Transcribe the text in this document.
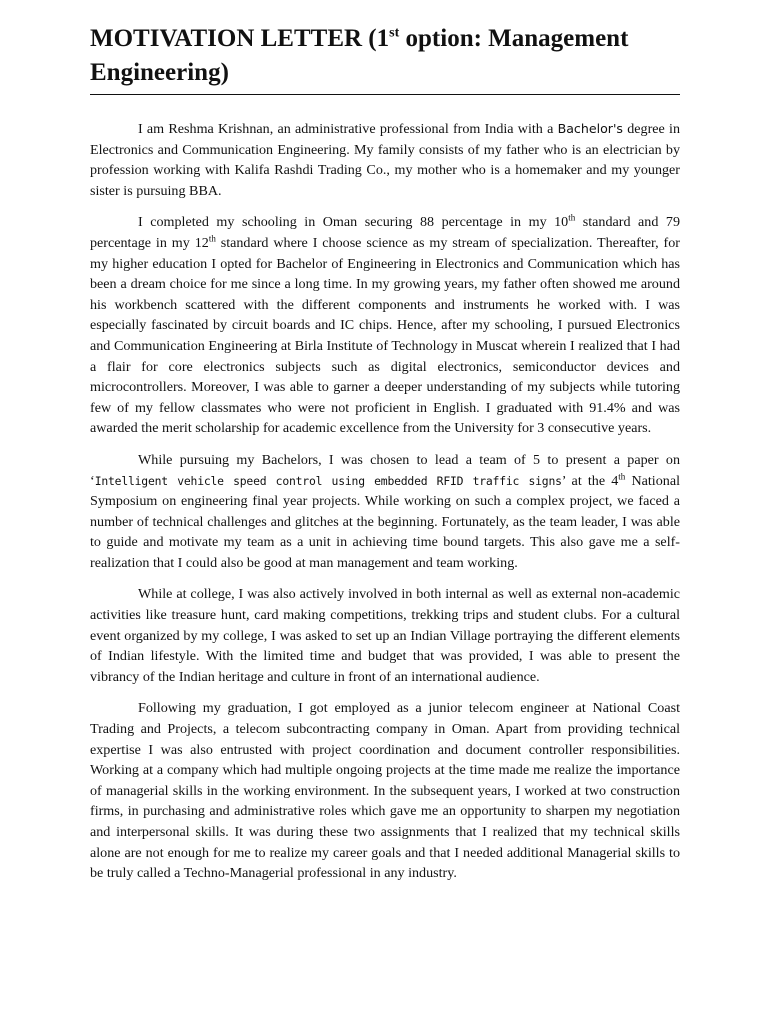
MOTIVATION LETTER (1st option: Management
Engineering)

I am Reshma Krishnan, an administrative professional from India with a Bachelor's degree in Electronics and Communication Engineering. My family consists of my father who is an electrician by profession working with Kalifa Rashdi Trading Co., my mother who is a homemaker and my younger sister is pursuing BBA.

I completed my schooling in Oman securing 88 percentage in my 10th standard and 79 percentage in my 12th standard where I choose science as my stream of specialization. Thereafter, for my higher education I opted for Bachelor of Engineering in Electronics and Communication which has been a dream choice for me since a long time. In my growing years, my father often showed me around his workbench scattered with the different components and instruments he worked with. I was especially fascinated by circuit boards and IC chips. Hence, after my schooling, I pursued Electronics and Communication Engineering at Birla Institute of Technology in Muscat wherein I realized that I had a flair for core electronics subjects such as digital electronics, semiconductor devices and microcontrollers. Moreover, I was able to garner a deeper understanding of my subjects while tutoring few of my fellow classmates who were not proficient in English. I graduated with 91.4% and was awarded the merit scholarship for academic excellence from the University for 3 consecutive years.

While pursuing my Bachelors, I was chosen to lead a team of 5 to present a paper on ‘Intelligent vehicle speed control using embedded RFID traffic signs’ at the 4th National Symposium on engineering final year projects. While working on such a complex project, we faced a number of technical challenges and glitches at the beginning. Fortunately, as the team leader, I was able to guide and motivate my team as a unit in achieving time bound targets. This also gave me a self-realization that I could also be good at man management and team working.

While at college, I was also actively involved in both internal as well as external non-academic activities like treasure hunt, card making competitions, trekking trips and student clubs. For a cultural event organized by my college, I was asked to set up an Indian Village portraying the different elements of Indian lifestyle. With the limited time and budget that was provided, I was able to present the vibrancy of the Indian heritage and culture in front of an international audience.

Following my graduation, I got employed as a junior telecom engineer at National Coast Trading and Projects, a telecom subcontracting company in Oman. Apart from providing technical expertise I was also entrusted with project coordination and document controller responsibilities. Working at a company which had multiple ongoing projects at the time made me realize the importance of managerial skills in the working environment. In the subsequent years, I worked at two construction firms, in purchasing and administrative roles which gave me an opportunity to sharpen my negotiation and interpersonal skills. It was during these two assignments that I realized that my technical skills alone are not enough for me to realize my career goals and that I needed additional Managerial skills to be truly called a Techno-Managerial professional in any industry.
